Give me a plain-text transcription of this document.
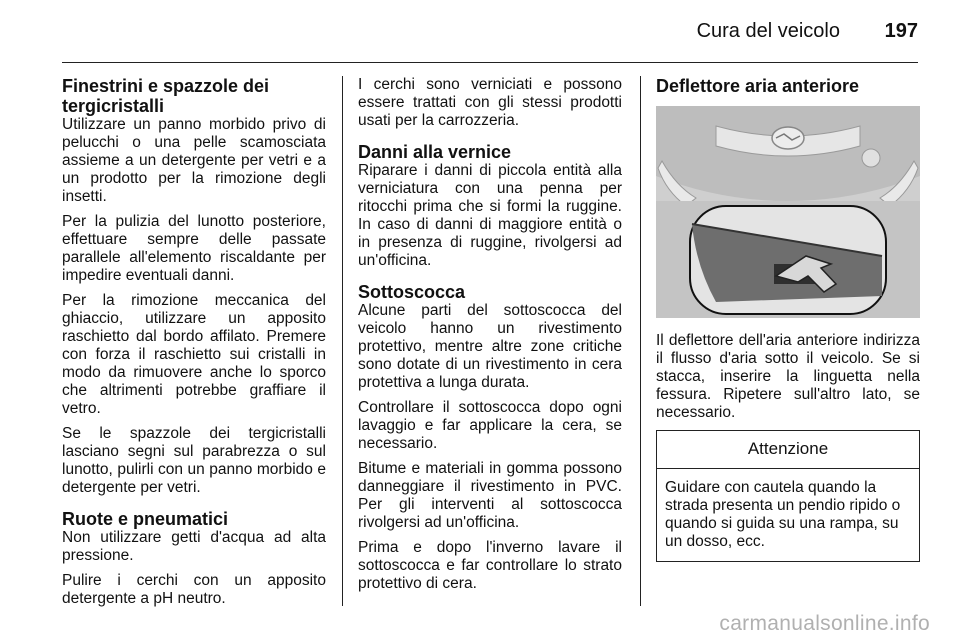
Cura del veicolo 197
Finestrini e spazzole dei tergicristalli

Utilizzare un panno morbido privo di pelucchi o una pelle scamosciata assieme a un detergente per vetri e a un prodotto per la rimozione degli insetti.

Per la pulizia del lunotto posteriore, effettuare sempre delle passate parallele all'elemento riscaldante per impedire eventuali danni.

Per la rimozione meccanica del ghiaccio, utilizzare un apposito raschietto dal bordo affilato. Premere con forza il raschietto sui cristalli in modo da rimuovere anche lo sporco che altrimenti potrebbe graffiare il vetro.

Se le spazzole dei tergicristalli lasciano segni sul parabrezza o sul lunotto, pulirli con un panno morbido e detergente per vetri.

Ruote e pneumatici

Non utilizzare getti d'acqua ad alta pressione.

Pulire i cerchi con un apposito detergente a pH neutro.

I cerchi sono verniciati e possono essere trattati con gli stessi prodotti usati per la carrozzeria.

Danni alla vernice

Riparare i danni di piccola entità alla verniciatura con una penna per ritocchi prima che si formi la ruggine. In caso di danni di maggiore entità o in presenza di ruggine, rivolgersi ad un'officina.

Sottoscocca

Alcune parti del sottoscocca del veicolo hanno un rivestimento protettivo, mentre altre zone critiche sono dotate di un rivestimento in cera protettiva a lunga durata.

Controllare il sottoscocca dopo ogni lavaggio e far applicare la cera, se necessario.

Bitume e materiali in gomma possono danneggiare il rivestimento in PVC. Per gli interventi al sottoscocca rivolgersi ad un'officina.

Prima e dopo l'inverno lavare il sottoscocca e far controllare lo strato protettivo di cera.

Deflettore aria anteriore

Il deflettore dell'aria anteriore indirizza il flusso d'aria sotto il veicolo. Se si stacca, inserire la linguetta nella fessura. Ripetere sull'altro lato, se necessario.

Attenzione

Guidare con cautela quando la strada presenta un pendio ripido o quando si guida su una rampa, su un dosso, ecc.

carmanualsonline.info
